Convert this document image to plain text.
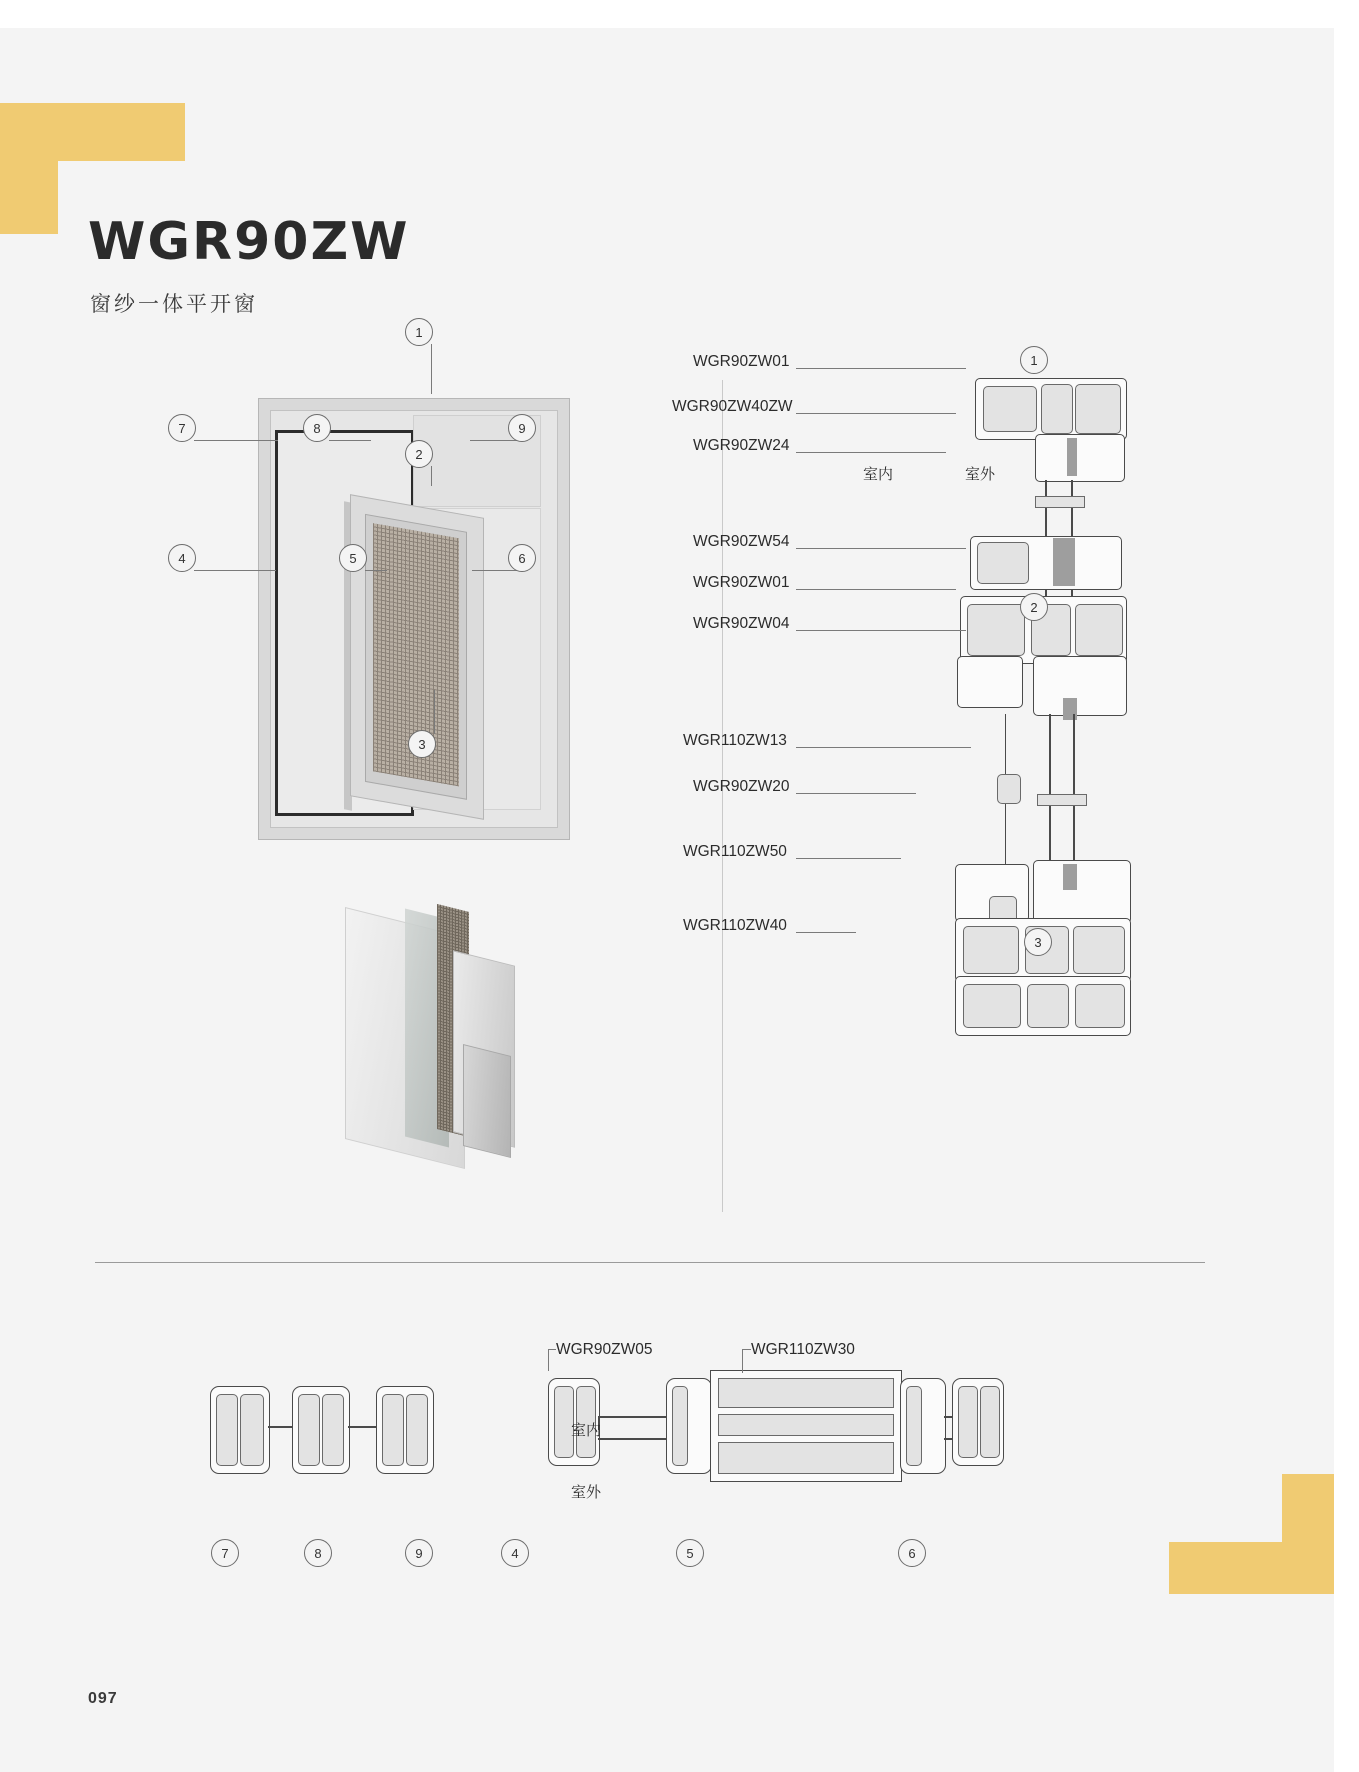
WGR90ZW
窗纱一体平开窗
1
2
3
4	5	6
7	8	9
WGR90ZW01
WGR90ZW40ZW
WGR90ZW24
WGR90ZW54
WGR90ZW01
WGR90ZW04
WGR110ZW13
WGR90ZW20
WGR110ZW50
WGR110ZW40
室内	室外
1
2
3
WGR90ZW05	WGR110ZW30
室内
室外
7	8	9	4	5	6
097
